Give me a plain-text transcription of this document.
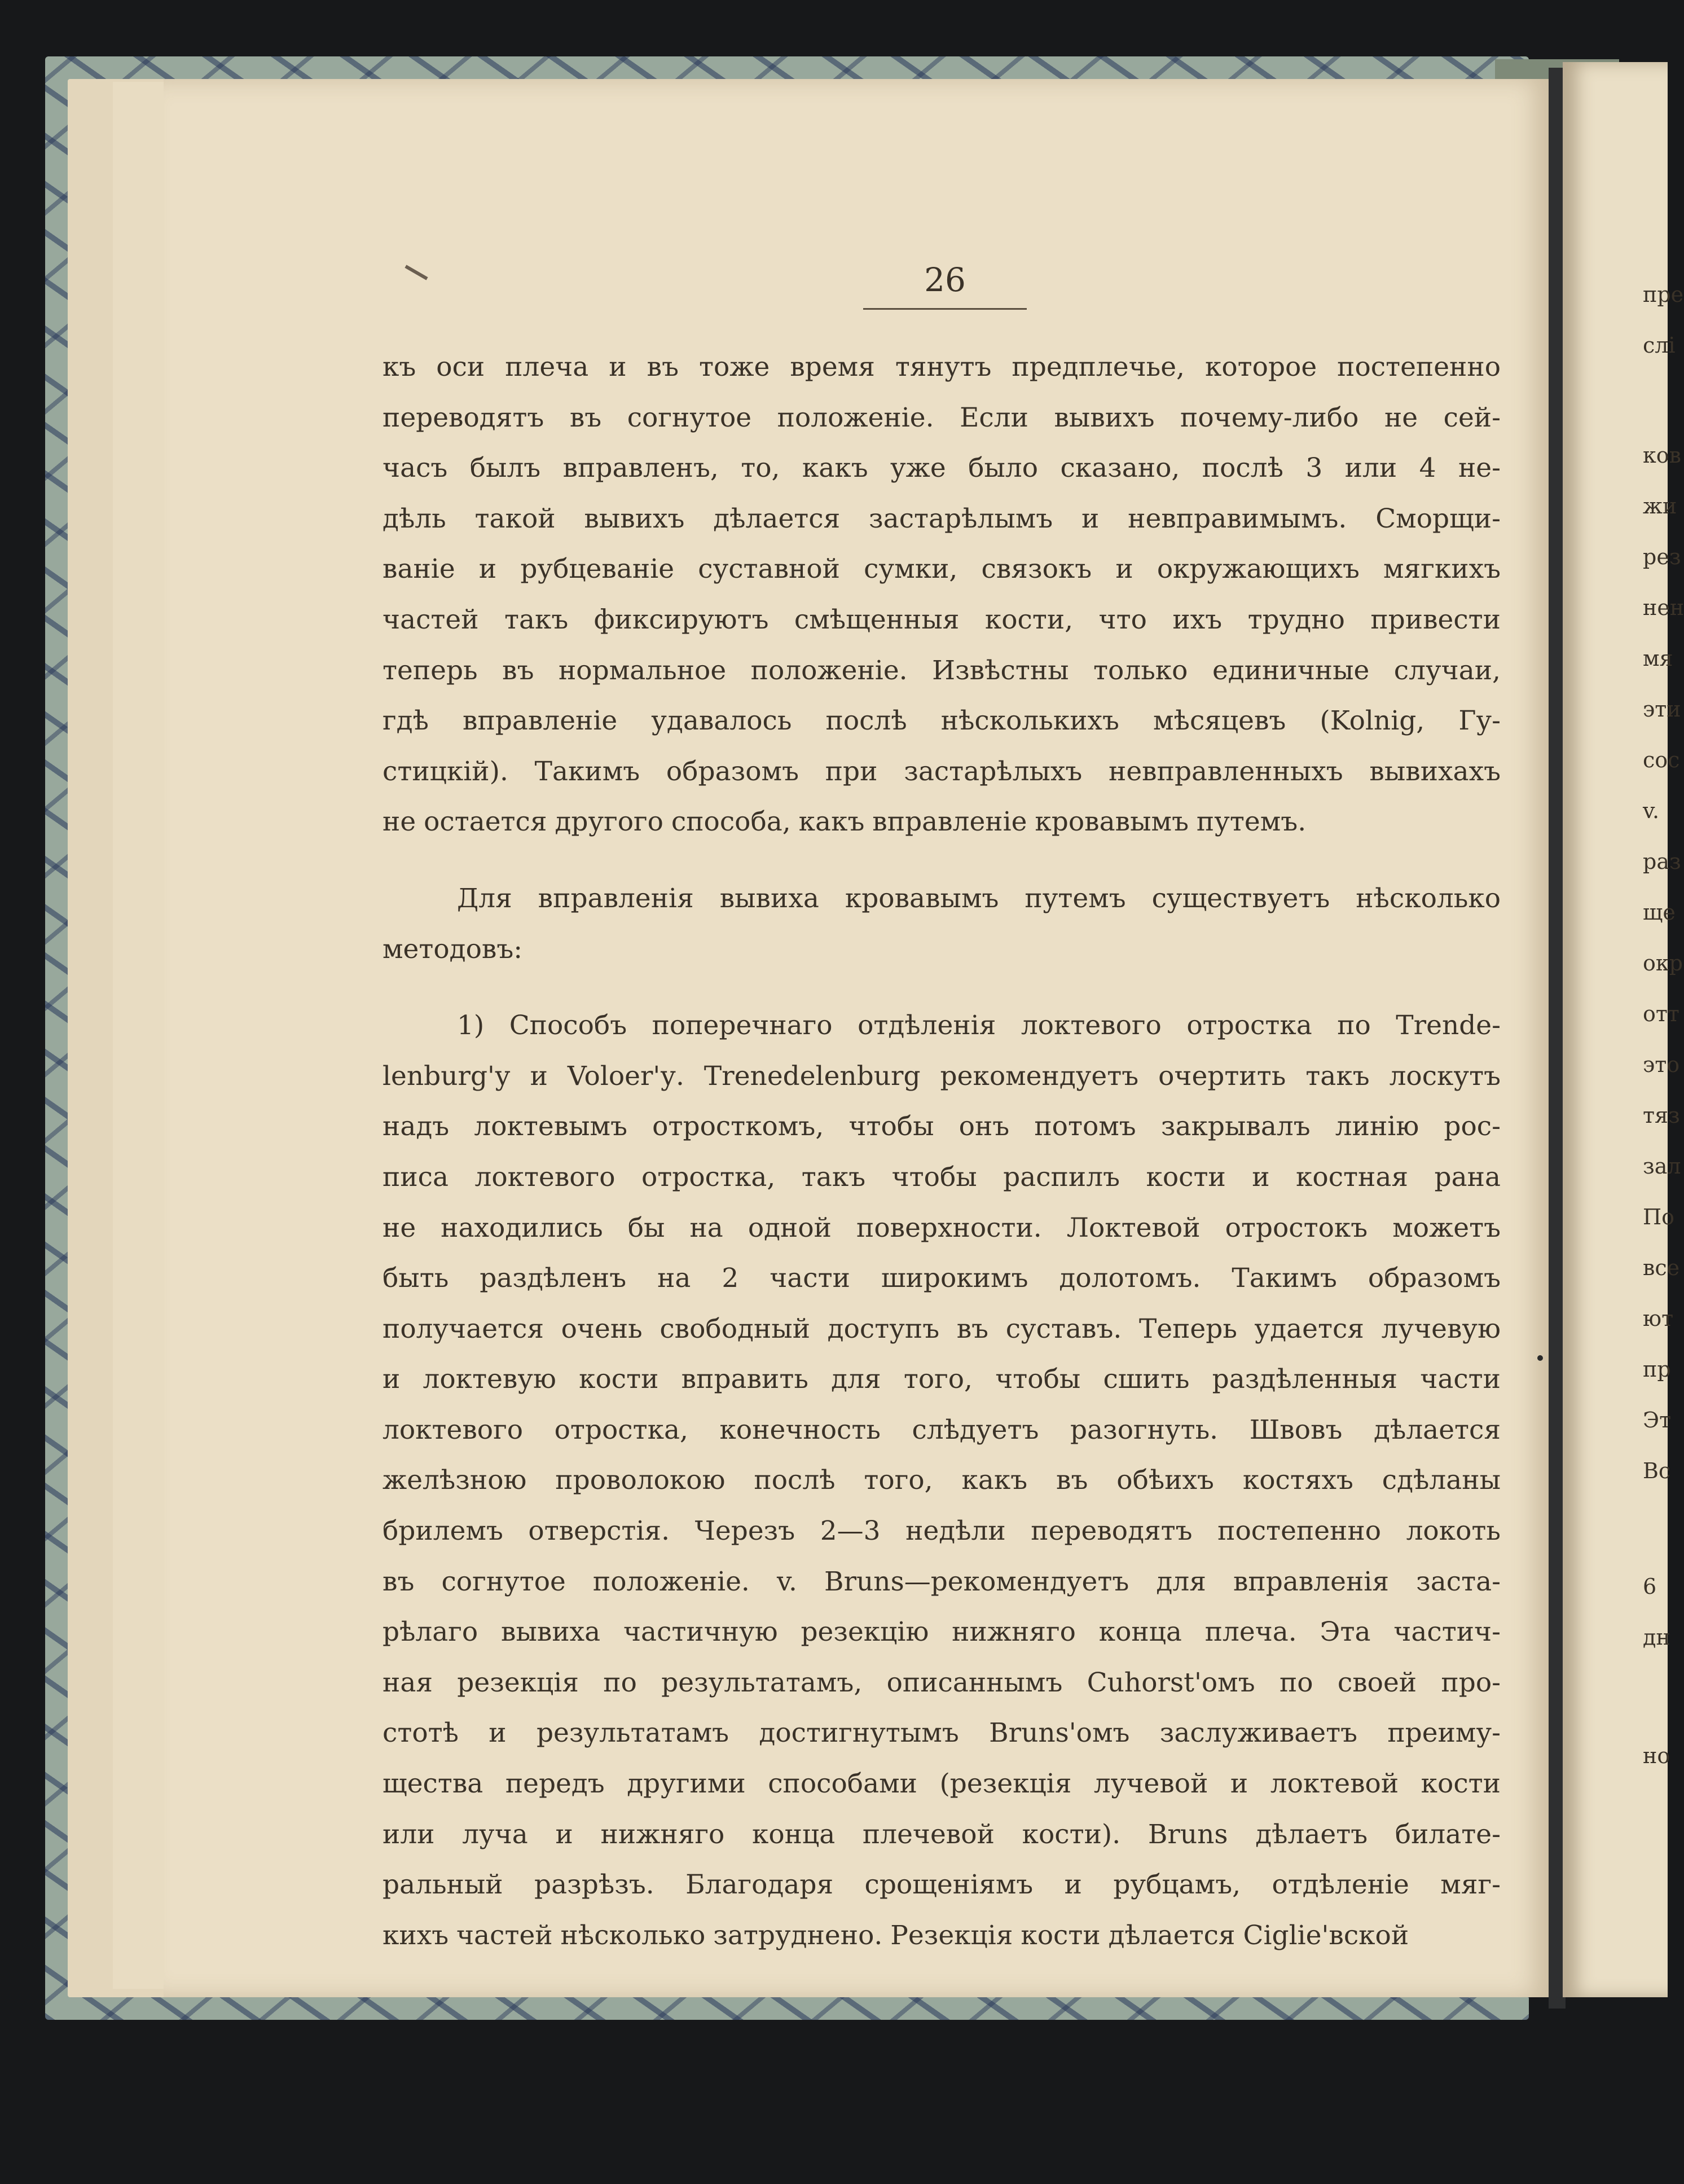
26

къ оси плеча и въ тоже время тянутъ предплечье, которое постепенно
переводятъ въ согнутое положеніе. Если вывихъ почему-либо не сей-
часъ былъ вправленъ, то, какъ уже было сказано, послѣ 3 или 4 не-
дѣль такой вывихъ дѣлается застарѣлымъ и невправимымъ. Сморщи-
ваніе и рубцеваніе суставной сумки, связокъ и окружающихъ мягкихъ
частей такъ фиксируютъ смѣщенныя кости, что ихъ трудно привести
теперь въ нормальное положеніе. Извѣстны только единичные случаи,
гдѣ вправленіе удавалось послѣ нѣсколькихъ мѣсяцевъ (Kolnig, Гу-
стицкій). Такимъ образомъ при застарѣлыхъ невправленныхъ вывихахъ
не остается другого способа, какъ вправленіе кровавымъ путемъ.

Для вправленія вывиха кровавымъ путемъ существуетъ нѣсколько
методовъ:

1) Способъ поперечнаго отдѣленія локтевого отростка по Trende-
lenburg'у и Voloer'у. Trenedelenburg рекомендуетъ очертить такъ лоскутъ
надъ локтевымъ отросткомъ, чтобы онъ потомъ закрывалъ линію рос-
писа локтевого отростка, такъ чтобы распилъ кости и костная рана
не находились бы на одной поверхности. Локтевой отростокъ можетъ
быть раздѣленъ на 2 части широкимъ долотомъ. Такимъ образомъ
получается очень свободный доступъ въ суставъ. Теперь удается лучевую
и локтевую кости вправить для того, чтобы сшить раздѣленныя части
локтевого отростка, конечность слѣдуетъ разогнуть. Швовъ дѣлается
желѣзною проволокою послѣ того, какъ въ обѣихъ костяхъ сдѣланы
брилемъ отверстія. Черезъ 2—3 недѣли переводятъ постепенно локоть
въ согнутое положеніе. v. Bruns—рекомендуетъ для вправленія заста-
рѣлаго вывиха частичную резекцію нижняго конца плеча. Эта частич-
ная резекція по результатамъ, описаннымъ Cuhorst'омъ по своей про-
стотѣ и результатамъ достигнутымъ Bruns'омъ заслуживаетъ преиму-
щества передъ другими способами (резекція лучевой и локтевой кости
или луча и нижняго конца плечевой кости). Bruns дѣлаетъ билате-
ральный разрѣзъ. Благодаря срощеніямъ и рубцамъ, отдѣленіе мяг-
кихъ частей нѣсколько затруднено. Резекція кости дѣлается Cigliе'вской

пре
слі
ков
жи
рез
нен
мя
эти
сос
v.
раз
ще
окр
отт
это
тяз
зал
По
все
ют
пр
Эт
Вс
6
дн
но
